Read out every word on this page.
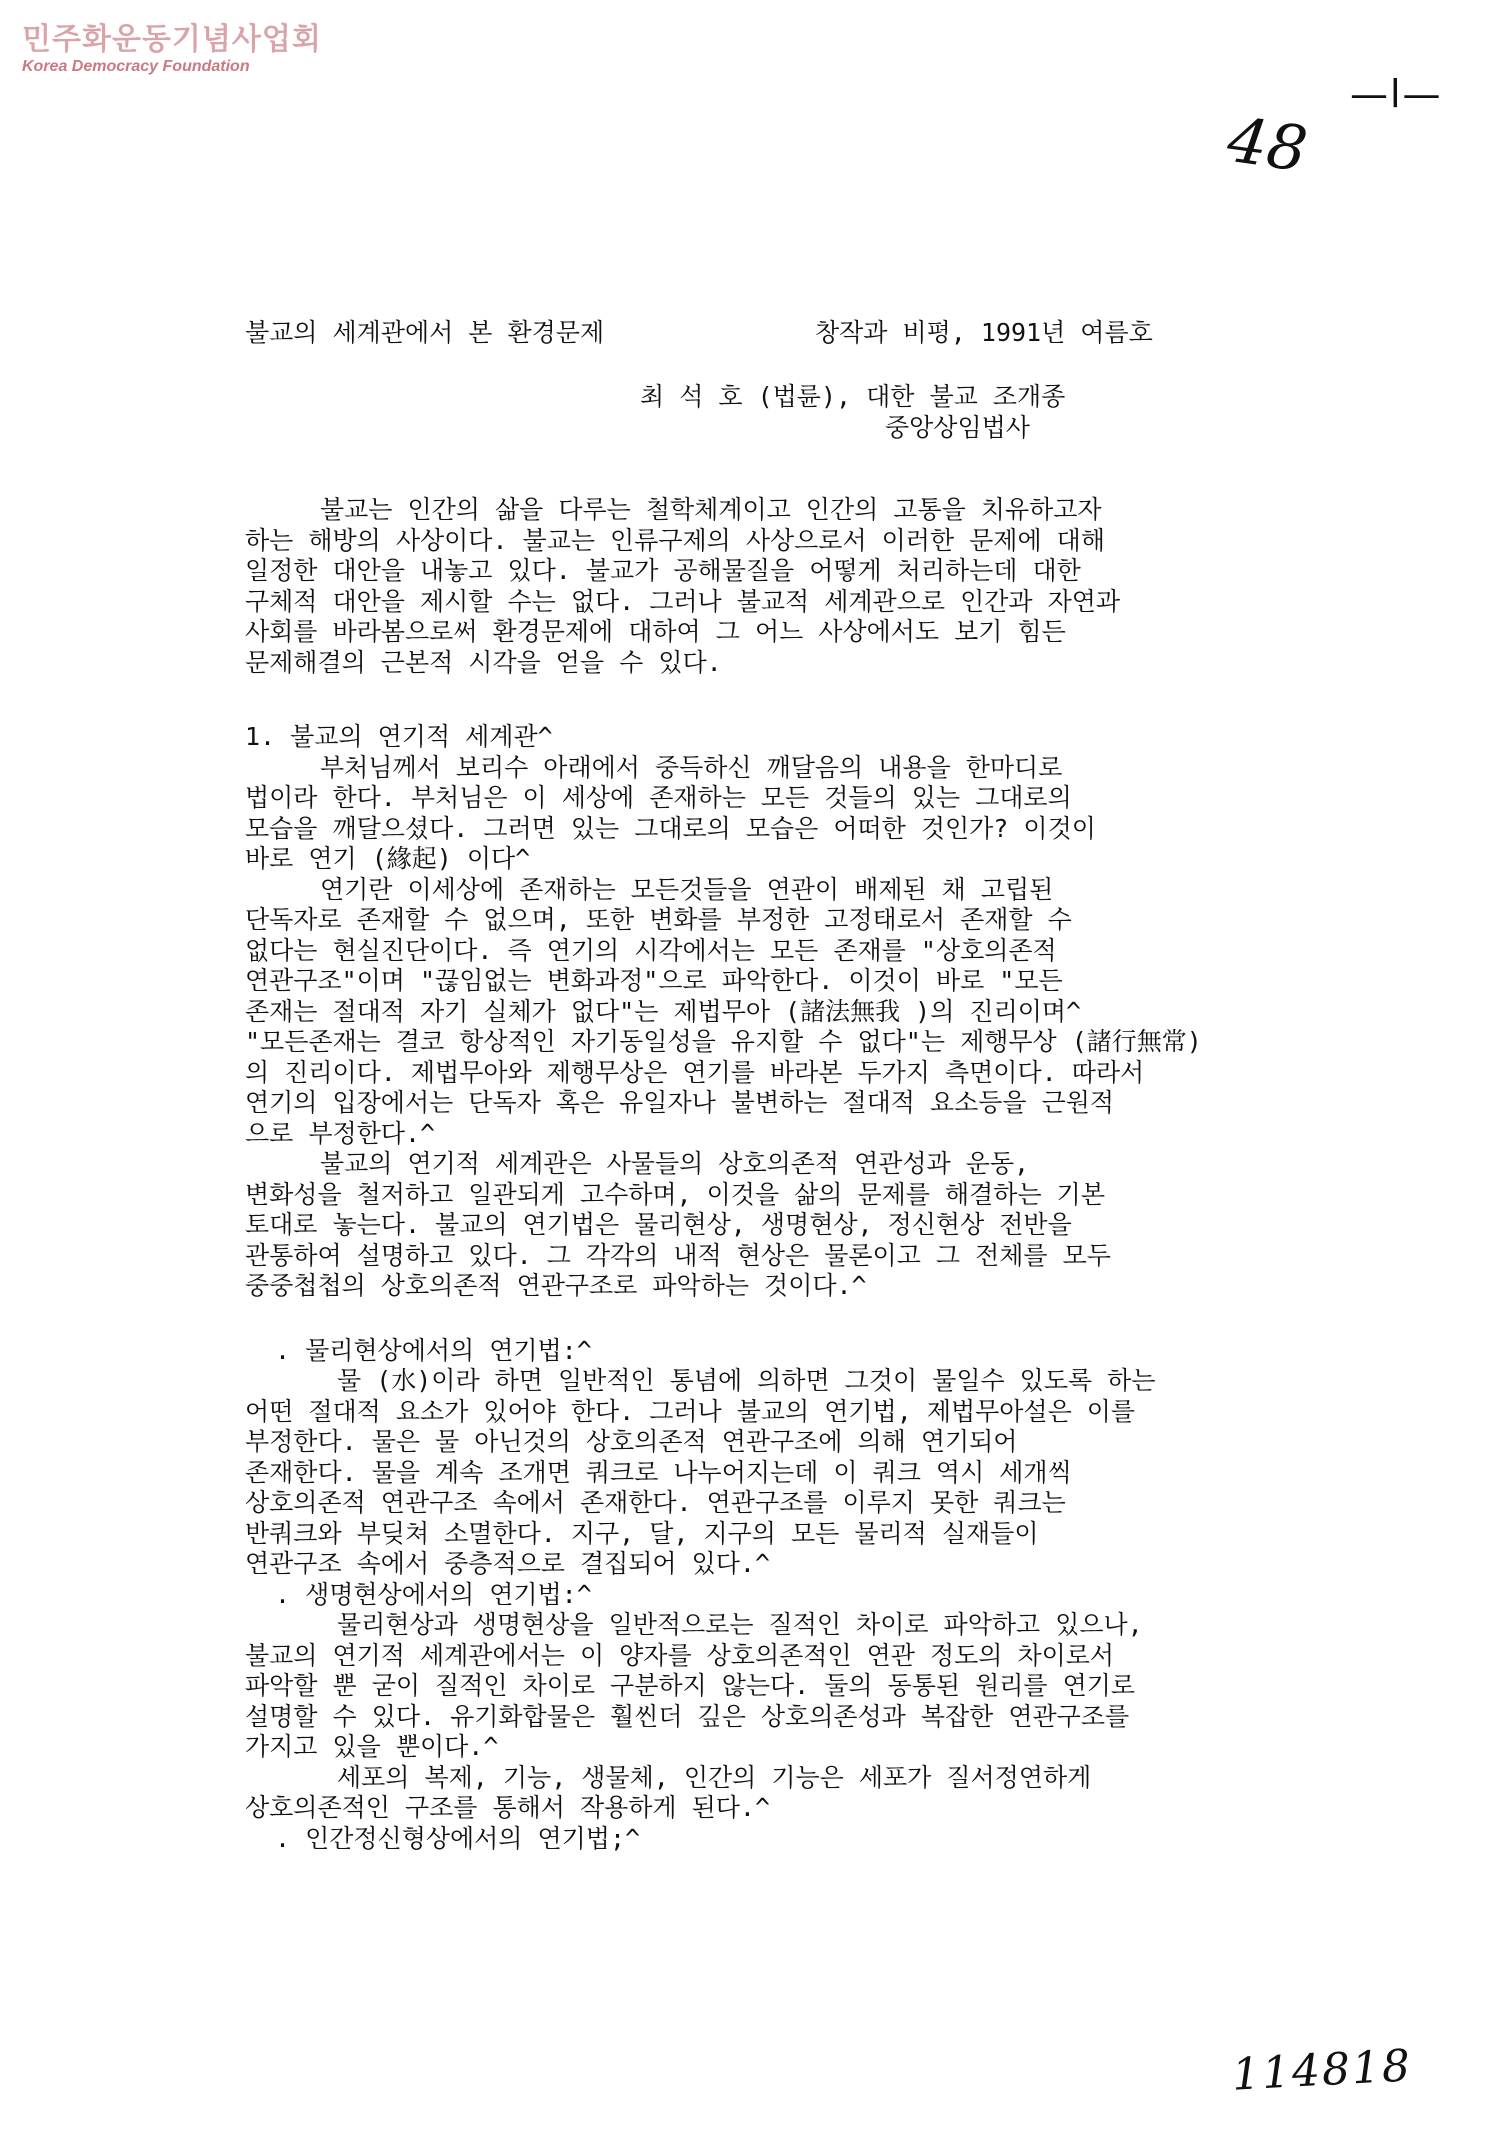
민주화운동기념사업회
Korea Democracy Foundation
—l—
48
불교의 세계관에서 본 환경문제	창작과 비평, 1991년 여름호
최 석 호 (법륜), 대한 불교 조개종
중앙상임법사

불교는 인간의 삶을 다루는 철학체계이고 인간의 고통을 치유하고자

하는 해방의 사상이다. 불교는 인류구제의 사상으로서 이러한 문제에 대해

일정한 대안을 내놓고 있다. 불교가 공해물질을 어떻게 처리하는데 대한

구체적 대안을 제시할 수는 없다. 그러나 불교적 세계관으로 인간과 자연과

사회를 바라봄으로써 환경문제에 대하여 그 어느 사상에서도 보기 힘든

문제해결의 근본적 시각을 얻을 수 있다.

1. 불교의 연기적 세계관^

부처님께서 보리수 아래에서 중득하신 깨달음의 내용을 한마디로

법이라 한다. 부처님은 이 세상에 존재하는 모든 것들의 있는 그대로의

모습을 깨달으셨다. 그러면 있는 그대로의 모습은 어떠한 것인가? 이것이

바로 연기 (緣起) 이다^

연기란 이세상에 존재하는 모든것들을 연관이 배제된 채 고립된

단독자로 존재할 수 없으며, 또한 변화를 부정한 고정태로서 존재할 수

없다는 현실진단이다. 즉 연기의 시각에서는 모든 존재를 "상호의존적

연관구조"이며 "끊임없는 변화과정"으로 파악한다. 이것이 바로 "모든

존재는 절대적 자기 실체가 없다"는 제법무아 (諸法無我 )의 진리이며^

"모든존재는 결코 항상적인 자기동일성을 유지할 수 없다"는 제행무상 (諸行無常)

의 진리이다. 제법무아와 제행무상은 연기를 바라본 두가지 측면이다. 따라서

연기의 입장에서는 단독자 혹은 유일자나 불변하는 절대적 요소등을 근원적

으로 부정한다.^

불교의 연기적 세계관은 사물들의 상호의존적 연관성과 운동,

변화성을 철저하고 일관되게 고수하며, 이것을 삶의 문제를 해결하는 기본

토대로 놓는다. 불교의 연기법은 물리현상, 생명현상, 정신현상 전반을

관통하여 설명하고 있다. 그 각각의 내적 현상은 물론이고 그 전체를 모두

중중첩첩의 상호의존적 연관구조로 파악하는 것이다.^

. 물리현상에서의 연기법:^

물 (水)이라 하면 일반적인 통념에 의하면 그것이 물일수 있도록 하는

어떤 절대적 요소가 있어야 한다. 그러나 불교의 연기법, 제법무아설은 이를

부정한다. 물은 물 아닌것의 상호의존적 연관구조에 의해 연기되어

존재한다. 물을 계속 조개면 쿼크로 나누어지는데 이 쿼크 역시 세개씩

상호의존적 연관구조 속에서 존재한다. 연관구조를 이루지 못한 쿼크는

반쿼크와 부딪쳐 소멸한다. 지구, 달, 지구의 모든 물리적 실재들이

연관구조 속에서 중층적으로 결집되어 있다.^

. 생명현상에서의 연기법:^

물리현상과 생명현상을 일반적으로는 질적인 차이로 파악하고 있으나,

불교의 연기적 세계관에서는 이 양자를 상호의존적인 연관 정도의 차이로서

파악할 뿐 굳이 질적인 차이로 구분하지 않는다. 둘의 동통된 원리를 연기로

설명할 수 있다. 유기화합물은 훨씬더 깊은 상호의존성과 복잡한 연관구조를

가지고 있을 뿐이다.^

세포의 복제, 기능, 생물체, 인간의 기능은 세포가 질서정연하게

상호의존적인 구조를 통해서 작용하게 된다.^

. 인간정신형상에서의 연기법;^

114818
